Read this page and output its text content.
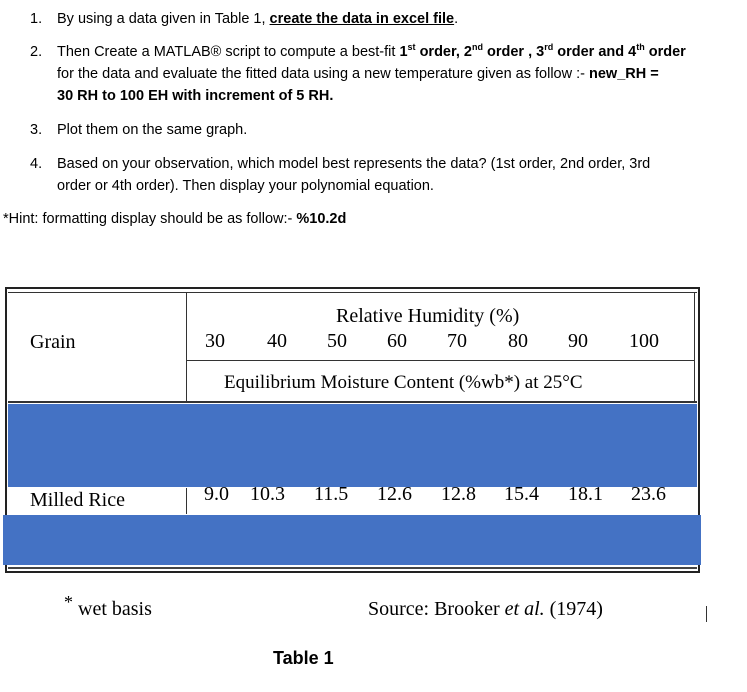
1. By using a data given in Table 1, create the data in excel file.
2. Then Create a MATLAB® script to compute a best-fit 1st order, 2nd order , 3rd order and 4th order
for the data and evaluate the fitted data using a new temperature given as follow :- new_RH =
30 RH to 100 EH with increment of 5 RH.
3. Plot them on the same graph.
4. Based on your observation, which model best represents the data? (1st order, 2nd order, 3rd
order or 4th order). Then display your polynomial equation.
*Hint: formatting display should be as follow:- %10.2d
Grain
Relative Humidity (%)
30 40 50 60 70 80 90 100
Equilibrium Moisture Content (%wb*) at 25°C
Milled Rice	9.0 10.3 11.5 12.6 12.8 15.4 18.1 23.6
* wet basis	Source: Brooker et al. (1974)
Table 1
